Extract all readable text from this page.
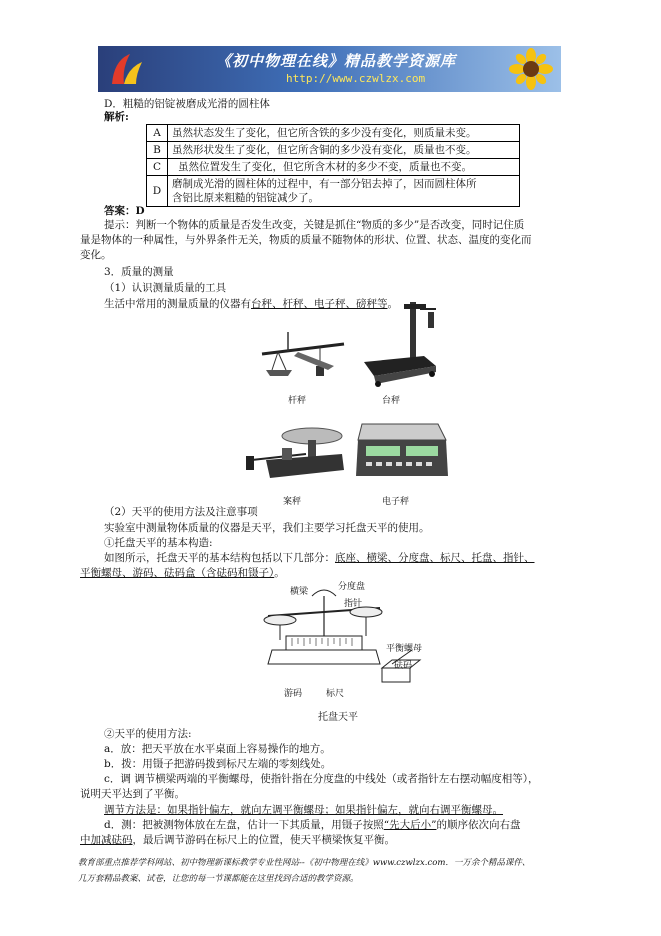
《初中物理在线》精品教学资源库
http://www.czwlzx.com
D．粗糙的铝锭被磨成光滑的圆柱体
解析:
A	虽然状态发生了变化，但它所含铁的多少没有变化，则质量未变。
B	虽然形状发生了变化，但它所含铜的多少没有变化，质量也不变。
C	虽然位置发生了变化，但它所含木材的多少不变，质量也不变。
D	磨制成光滑的圆柱体的过程中，有一部分铝去掉了，因而圆柱体所
含铝比原来粗糙的铝锭减少了。
答案：D
提示：判断一个物体的质量是否发生改变，关键是抓住“物质的多少”是否改变，同时记住质
量是物体的一种属性，与外界条件无关，物质的质量不随物体的形状、位置、状态、温度的变化而
变化。
3．质量的测量
（1）认识测量质量的工具
生活中常用的测量质量的仪器有台秤、杆秤、电子秤、磅秤等。
杆秤	台秤
案秤	电子秤
（2）天平的使用方法及注意事项
实验室中测量物体质量的仪器是天平，我们主要学习托盘天平的使用。
①托盘天平的基本构造:
如图所示，托盘天平的基本结构包括以下几部分：底座、横梁、分度盘、标尺、托盘、指针、
平衡螺母、游码、砝码盒（含砝码和镊子）。
横梁	分度盘
指针
平衡螺母
砝码
游码	标尺
托盘天平
②天平的使用方法:
a．放：把天平放在水平桌面上容易操作的地方。
b．拨：用镊子把游码拨到标尺左端的零刻线处。
c．调 调节横梁两端的平衡螺母，使指针指在分度盘的中线处（或者指针左右摆动幅度相等），
说明天平达到了平衡。
调节方法是：如果指针偏左，就向左调平衡螺母；如果指针偏左，就向右调平衡螺母。
d．测：把被测物体放在左盘，估计一下其质量，用镊子按照“先大后小”的顺序依次向右盘
中加减砝码，最后调节游码在标尺上的位置，使天平横梁恢复平衡。
教育部重点推荐学科网站、初中物理新课标教学专业性网站--《初中物理在线》www.czwlzx.com．一万余个精品课件、
几万套精品教案、试卷，让您的每一节课都能在这里找到合适的教学资源。
